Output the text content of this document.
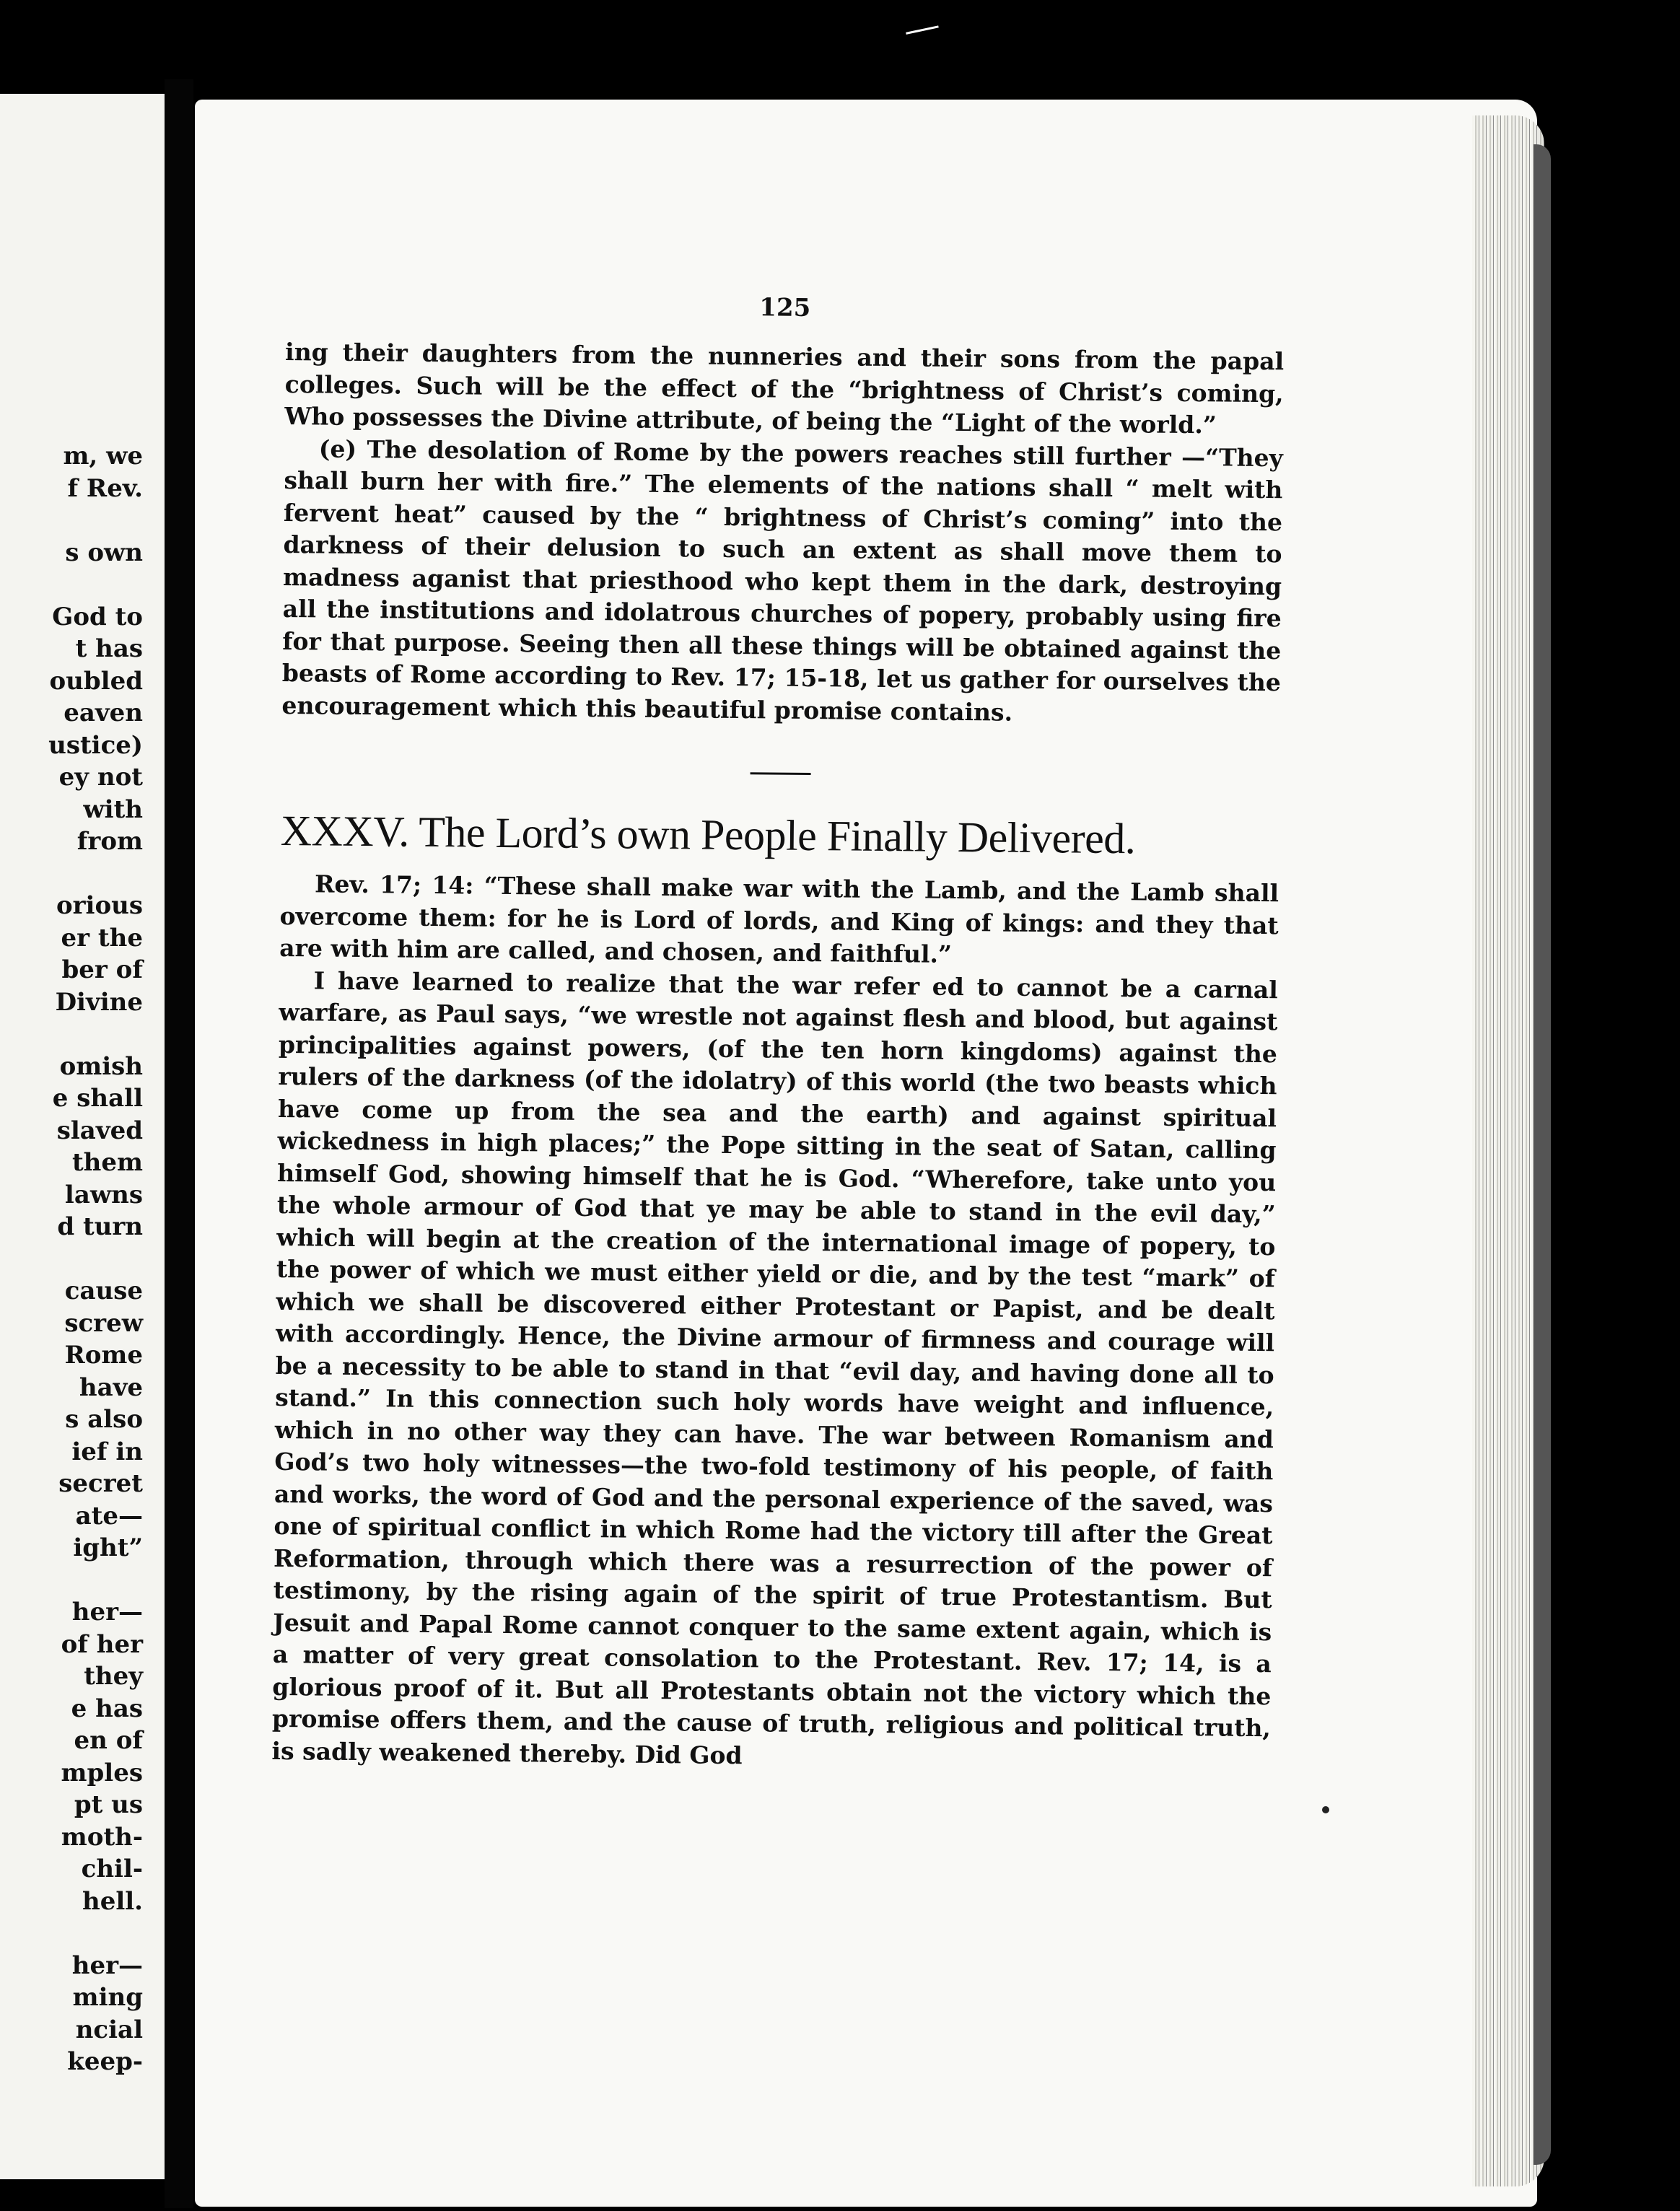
m, we
f Rev.
s own
God to
t has
oubled
eaven
ustice)
ey not
with
from
orious
er the
ber of
Divine
omish
e shall
slaved
them
lawns
d turn
cause
screw
Rome
have
s also
ief in
secret
ate—
ight”
her—
of her
they
e has
en of
mples
pt us
moth-
chil-
hell.
her—
ming
ncial
keep-
125

ing their daughters from the nunneries and their sons from the papal colleges. Such will be the effect of the “brightness of Christ’s coming, Who possesses the Divine attribute, of being the “Light of the world.”

(e) The desolation of Rome by the powers reaches still further —“They shall burn her with fire.” The elements of the nations shall “ melt with fervent heat” caused by the “ brightness of Christ’s coming” into the darkness of their delusion to such an extent as shall move them to madness aganist that priesthood who kept them in the dark, destroying all the institutions and idolatrous churches of popery, probably using fire for that purpose. Seeing then all these things will be obtained against the beasts of Rome according to Rev. 17; 15-18, let us gather for ourselves the encouragement which this beautiful promise contains.

XXXV. The Lord’s own People Finally Delivered.

Rev. 17; 14: “These shall make war with the Lamb, and the Lamb shall overcome them: for he is Lord of lords, and King of kings: and they that are with him are called, and chosen, and faithful.”

I have learned to realize that the war refer ed to cannot be a carnal warfare, as Paul says, “we wrestle not against flesh and blood, but against principalities against powers, (of the ten horn kingdoms) against the rulers of the darkness (of the idolatry) of this world (the two beasts which have come up from the sea and the earth) and against spiritual wickedness in high places;” the Pope sitting in the seat of Satan, calling himself God, showing himself that he is God. “Wherefore, take unto you the whole armour of God that ye may be able to stand in the evil day,” which will begin at the creation of the international image of popery, to the power of which we must either yield or die, and by the test “mark” of which we shall be discovered either Protestant or Papist, and be dealt with accordingly. Hence, the Divine armour of firmness and courage will be a necessity to be able to stand in that “evil day, and having done all to stand.” In this connection such holy words have weight and influence, which in no other way they can have. The war between Romanism and God’s two holy witnesses—the two-fold testimony of his people, of faith and works, the word of God and the personal experience of the saved, was one of spiritual conflict in which Rome had the victory till after the Great Reformation, through which there was a resurrection of the power of testimony, by the rising again of the spirit of true Protestantism. But Jesuit and Papal Rome cannot conquer to the same extent again, which is a matter of very great consolation to the Protestant. Rev. 17; 14, is a glorious proof of it. But all Protestants obtain not the victory which the promise offers them, and the cause of truth, religious and political truth, is sadly weakened thereby. Did God
